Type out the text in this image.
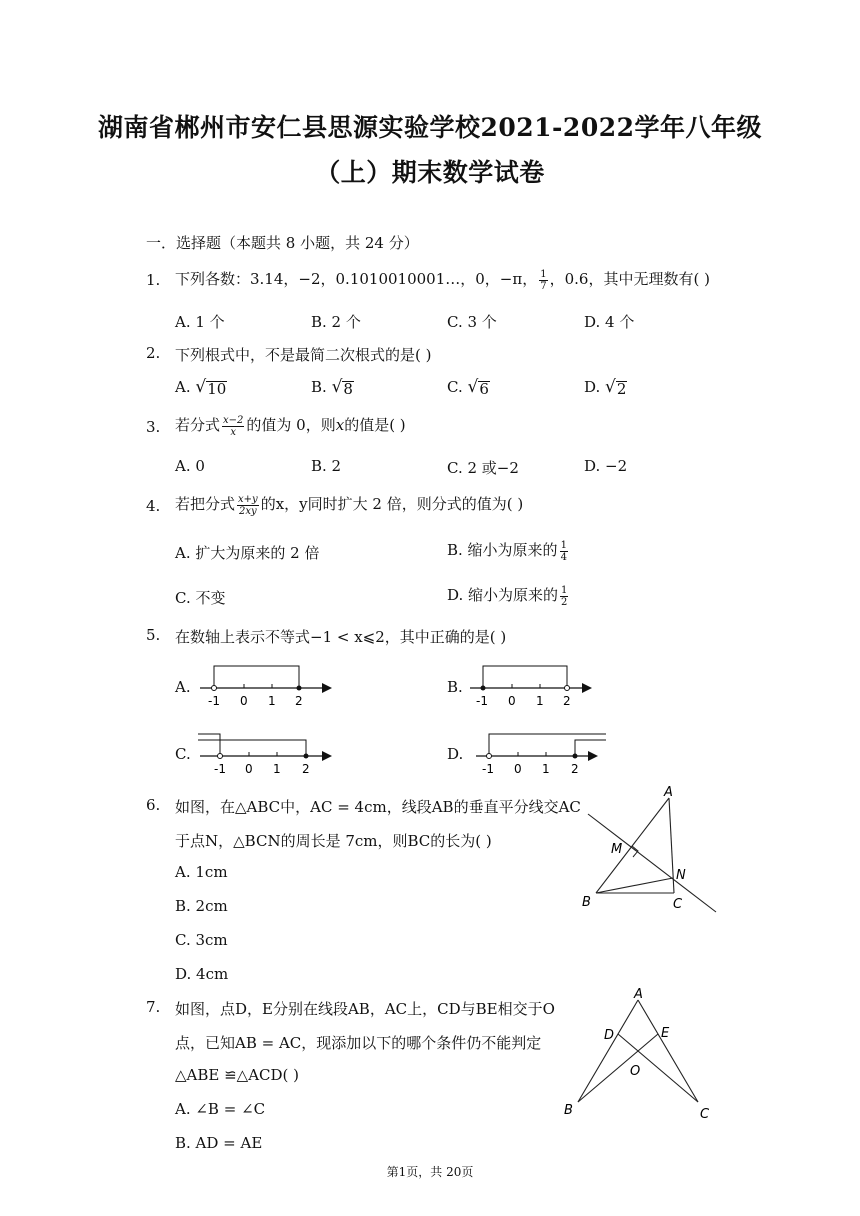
湖南省郴州市安仁县思源实验学校2021-2022学年八年级
（上）期末数学试卷
一．选择题（本题共 8 小题，共 24 分）
1. 下列各数：3.14，−2，0.1010010001…，0，−π， $\frac{1}{7}$ ，0.6，其中无理数有( )
A. 1 个	B. 2 个	C. 3 个	D. 4 个
2. 下列根式中，不是最简二次根式的是( )
A. √ 10	B. √ 8	C. √ 6	D. √ 2
3. 若分式 $\frac{x-2}{x}$ 的值为 0，则x的值是( )
A. 0	B. 2	C. 2 或−2	D. −2
4. 若把分式 $\frac{x+y}{2xy}$ 的x，y同时扩大 2 倍，则分式的值为( )
A. 扩大为原来的 2 倍	B. 缩小为原来的 $\frac{1}{4}$
C. 不变	D. 缩小为原来的 $\frac{1}{2}$
5. 在数轴上表示不等式−1 < x⩽2，其中正确的是( )
A.	B.
C.	D.
-1 0 1 2	-1 0 1 2
-1 0 1 2	-1 0 1 2
6. 如图，在△ABC中，AC = 4cm，线段AB的垂直平分线交AC
于点N，△BCN的周长是 7cm，则BC的长为( )
A. 1cm
B. 2cm
C. 3cm
D. 4cm
A
M
N
B	C
7. 如图，点D，E分别在线段AB，AC上，CD与BE相交于O
点，已知AB = AC，现添加以下的哪个条件仍不能判定
△ABE ≌△ACD( )
A. ∠B = ∠C
B. AD = AE
A
D	E
O
B	C
第1页，共 20页
